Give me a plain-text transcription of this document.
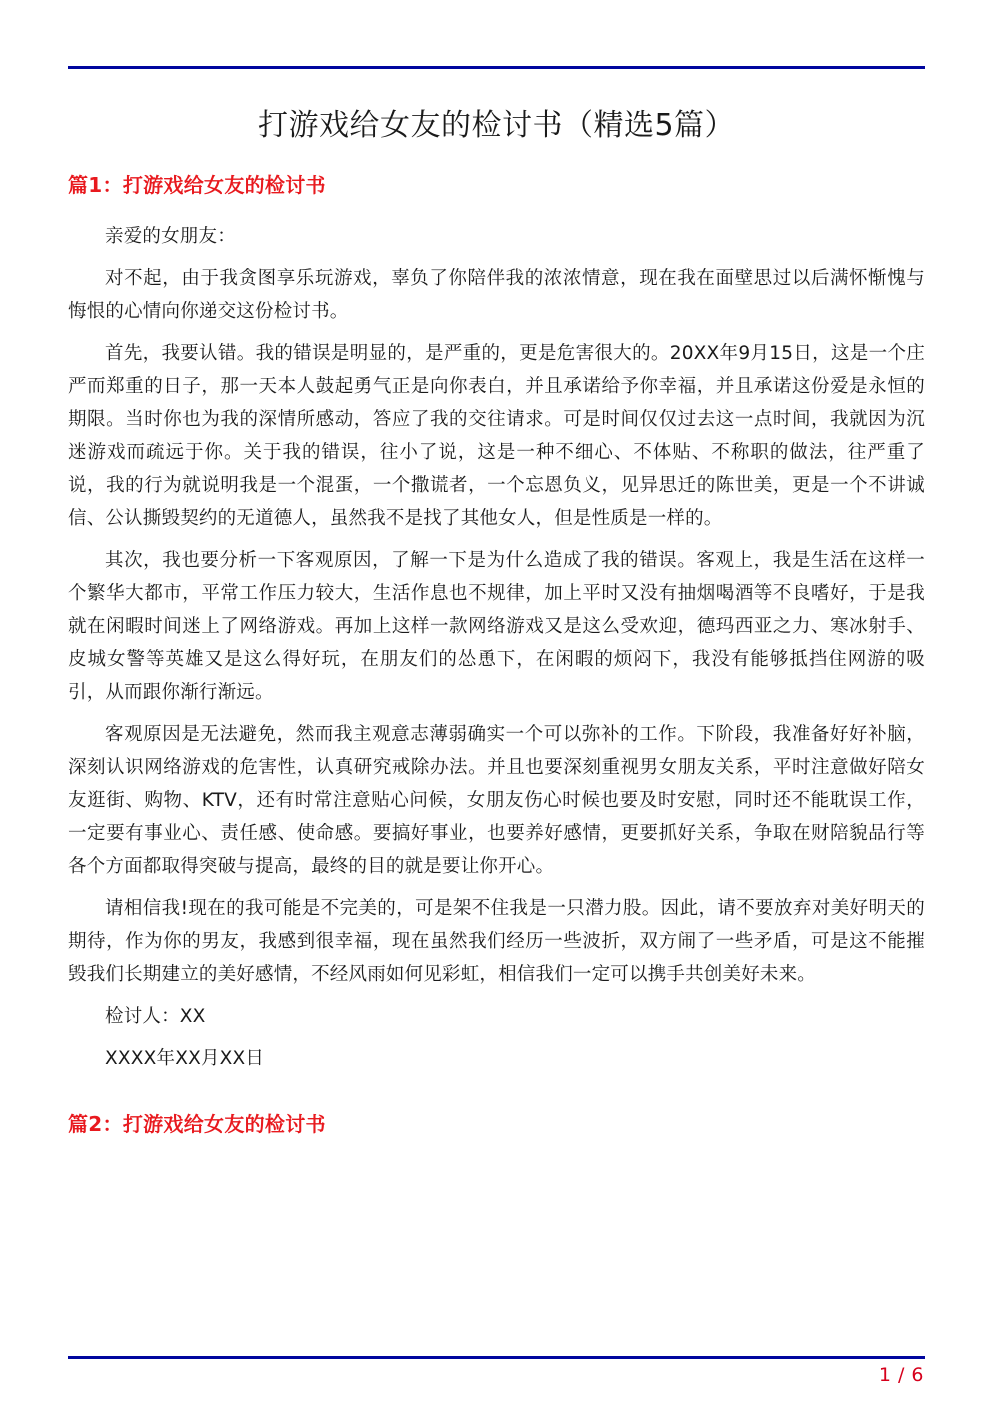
打游戏给女友的检讨书（精选5篇）
篇1：打游戏给女友的检讨书

亲爱的女朋友：

对不起，由于我贪图享乐玩游戏，辜负了你陪伴我的浓浓情意，现在我在面壁思过以后满怀惭愧与悔恨的心情向你递交这份检讨书。

首先，我要认错。我的错误是明显的，是严重的，更是危害很大的。20XX年9月15日，这是一个庄严而郑重的日子，那一天本人鼓起勇气正是向你表白，并且承诺给予你幸福，并且承诺这份爱是永恒的期限。当时你也为我的深情所感动，答应了我的交往请求。可是时间仅仅过去这一点时间，我就因为沉迷游戏而疏远于你。关于我的错误，往小了说，这是一种不细心、不体贴、不称职的做法，往严重了说，我的行为就说明我是一个混蛋，一个撒谎者，一个忘恩负义，见异思迁的陈世美，更是一个不讲诚信、公认撕毁契约的无道德人，虽然我不是找了其他女人，但是性质是一样的。

其次，我也要分析一下客观原因，了解一下是为什么造成了我的错误。客观上，我是生活在这样一个繁华大都市，平常工作压力较大，生活作息也不规律，加上平时又没有抽烟喝酒等不良嗜好，于是我就在闲暇时间迷上了网络游戏。再加上这样一款网络游戏又是这么受欢迎，德玛西亚之力、寒冰射手、皮城女警等英雄又是这么得好玩，在朋友们的怂恿下，在闲暇的烦闷下，我没有能够抵挡住网游的吸引，从而跟你渐行渐远。

客观原因是无法避免，然而我主观意志薄弱确实一个可以弥补的工作。下阶段，我准备好好补脑，深刻认识网络游戏的危害性，认真研究戒除办法。并且也要深刻重视男女朋友关系，平时注意做好陪女友逛街、购物、KTV，还有时常注意贴心问候，女朋友伤心时候也要及时安慰，同时还不能耽误工作，一定要有事业心、责任感、使命感。要搞好事业，也要养好感情，更要抓好关系，争取在财陪貌品行等各个方面都取得突破与提高，最终的目的就是要让你开心。

请相信我!现在的我可能是不完美的，可是架不住我是一只潜力股。因此，请不要放弃对美好明天的期待，作为你的男友，我感到很幸福，现在虽然我们经历一些波折，双方闹了一些矛盾，可是这不能摧毁我们长期建立的美好感情，不经风雨如何见彩虹，相信我们一定可以携手共创美好未来。

检讨人：XX

XXXX年XX月XX日

篇2：打游戏给女友的检讨书
1 / 6
